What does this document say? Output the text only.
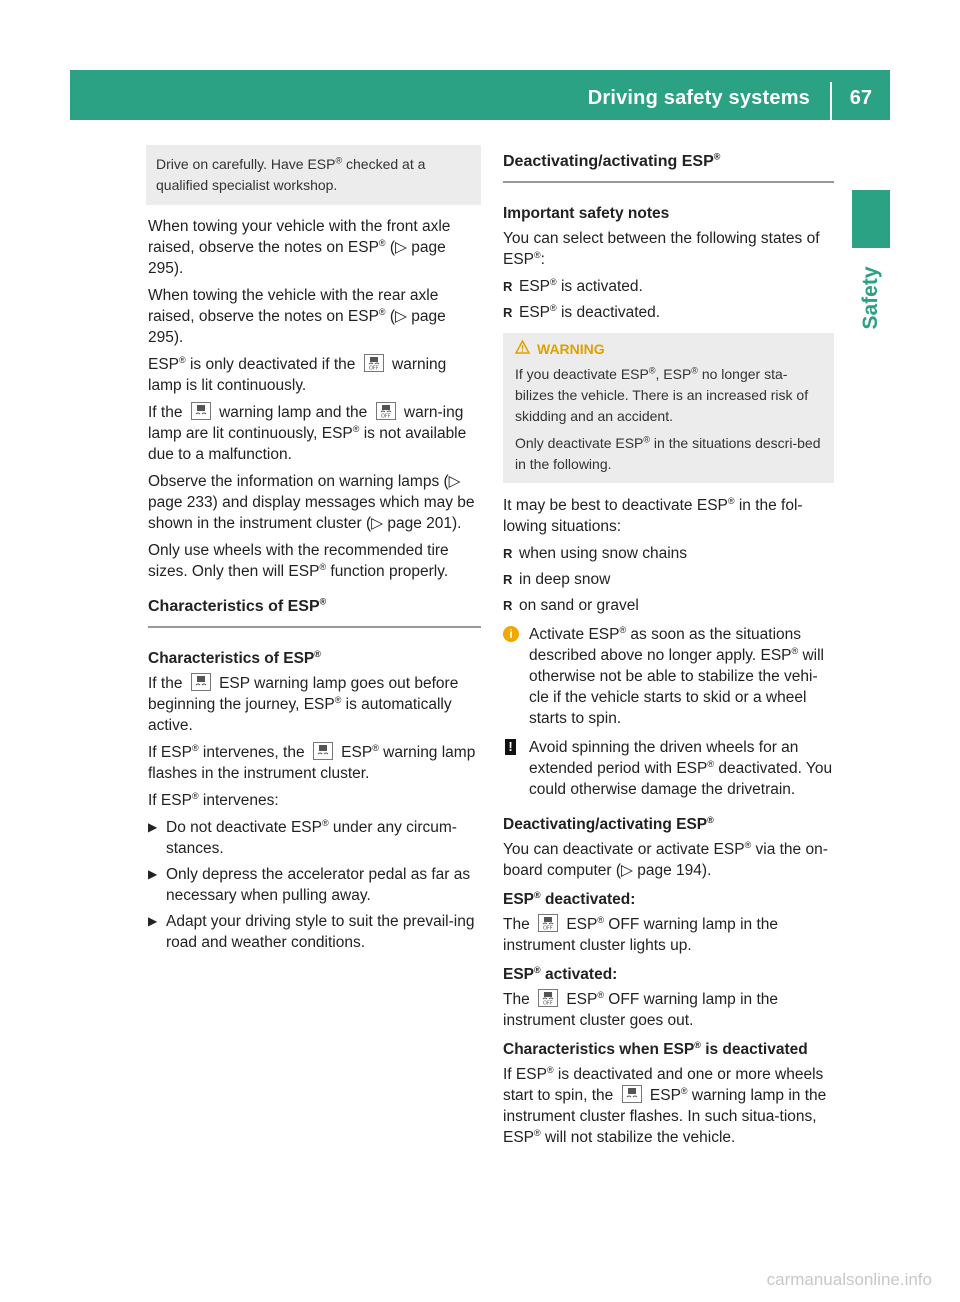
Driving safety systems 67
Safety
Drive on carefully. Have ESP® checked at a qualified specialist workshop.

When towing your vehicle with the front axle raised, observe the notes on ESP® (▷ page 295).

When towing the vehicle with the rear axle raised, observe the notes on ESP® (▷ page 295).

ESP® is only deactivated if the OFF warning lamp is lit continuously.

If the
warning lamp and the OFF warn-ing lamp are lit continuously, ESP® is not available due to a malfunction.

Observe the information on warning lamps (▷ page 233) and display messages which may be shown in the instrument cluster (▷ page 201).

Only use wheels with the recommended tire sizes. Only then will ESP® function properly.

Characteristics of ESP®
Characteristics of ESP®

If the
ESP warning lamp goes out before beginning the journey, ESP® is automatically active.

If ESP® intervenes, the
ESP® warning lamp flashes in the instrument cluster.

If ESP® intervenes:

▶ Do not deactivate ESP® under any circum-stances.
▶ Only depress the accelerator pedal as far as necessary when pulling away.
▶ Adapt your driving style to suit the prevail-ing road and weather conditions.
Deactivating/activating ESP®
Important safety notes

You can select between the following states of ESP®:

R ESP® is activated.
R ESP® is deactivated.
WARNING

If you deactivate ESP®, ESP® no longer sta-bilizes the vehicle. There is an increased risk of skidding and an accident.

Only deactivate ESP® in the situations descri-bed in the following.

It may be best to deactivate ESP® in the fol-lowing situations:

R when using snow chains
R in deep snow
R on sand or gravel
i	Activate ESP® as soon as the situations described above no longer apply. ESP® will otherwise not be able to stabilize the vehi-cle if the vehicle starts to skid or a wheel starts to spin.
! Avoid spinning the driven wheels for an extended period with ESP® deactivated. You could otherwise damage the drivetrain.
Deactivating/activating ESP®

You can deactivate or activate ESP® via the on-board computer (▷ page 194).

ESP® deactivated:

The OFF ESP® OFF warning lamp in the instrument cluster lights up.

ESP® activated:

The OFF ESP® OFF warning lamp in the instrument cluster goes out.

Characteristics when ESP® is deactivated

If ESP® is deactivated and one or more wheels start to spin, the
ESP® warning lamp in the instrument cluster flashes. In such situa-tions, ESP® will not stabilize the vehicle.

carmanualsonline.info
